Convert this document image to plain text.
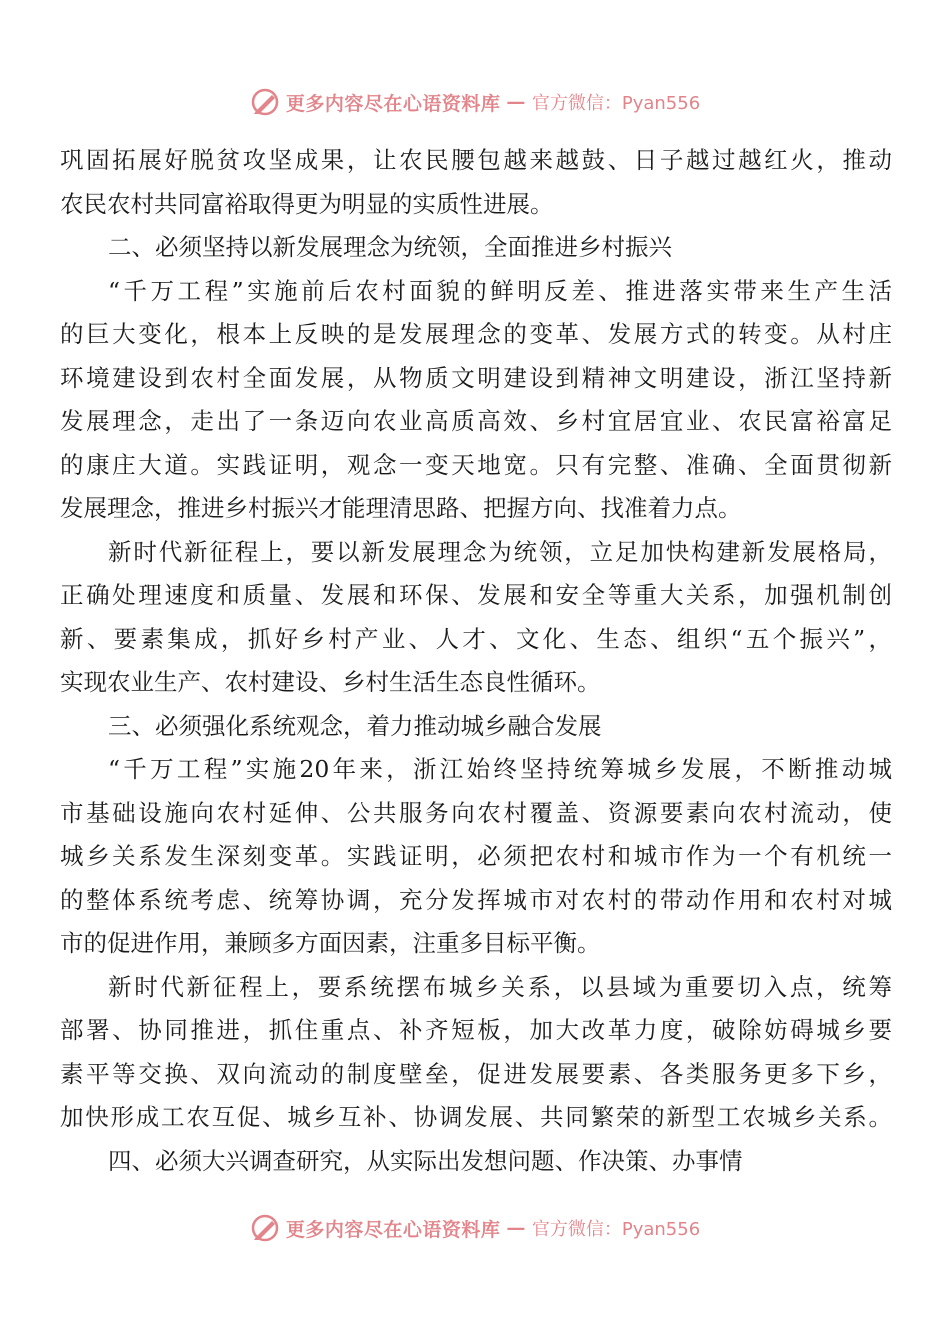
更多内容尽在心语资料库 — 官方微信：Pyan556
巩固拓展好脱贫攻坚成果，让农民腰包越来越鼓、日子越过越红火，推动
农民农村共同富裕取得更为明显的实质性进展。
二、必须坚持以新发展理念为统领，全面推进乡村振兴
“千万工程”实施前后农村面貌的鲜明反差、推进落实带来生产生活
的巨大变化，根本上反映的是发展理念的变革、发展方式的转变。从村庄
环境建设到农村全面发展，从物质文明建设到精神文明建设，浙江坚持新
发展理念，走出了一条迈向农业高质高效、乡村宜居宜业、农民富裕富足
的康庄大道。实践证明，观念一变天地宽。只有完整、准确、全面贯彻新
发展理念，推进乡村振兴才能理清思路、把握方向、找准着力点。
新时代新征程上，要以新发展理念为统领，立足加快构建新发展格局，
正确处理速度和质量、发展和环保、发展和安全等重大关系，加强机制创
新、要素集成，抓好乡村产业、人才、文化、生态、组织“五个振兴”，
实现农业生产、农村建设、乡村生活生态良性循环。
三、必须强化系统观念，着力推动城乡融合发展
“千万工程”实施20年来，浙江始终坚持统筹城乡发展，不断推动城
市基础设施向农村延伸、公共服务向农村覆盖、资源要素向农村流动，使
城乡关系发生深刻变革。实践证明，必须把农村和城市作为一个有机统一
的整体系统考虑、统筹协调，充分发挥城市对农村的带动作用和农村对城
市的促进作用，兼顾多方面因素，注重多目标平衡。
新时代新征程上，要系统摆布城乡关系，以县域为重要切入点，统筹
部署、协同推进，抓住重点、补齐短板，加大改革力度，破除妨碍城乡要
素平等交换、双向流动的制度壁垒，促进发展要素、各类服务更多下乡，
加快形成工农互促、城乡互补、协调发展、共同繁荣的新型工农城乡关系。
四、必须大兴调查研究，从实际出发想问题、作决策、办事情
更多内容尽在心语资料库 — 官方微信：Pyan556
